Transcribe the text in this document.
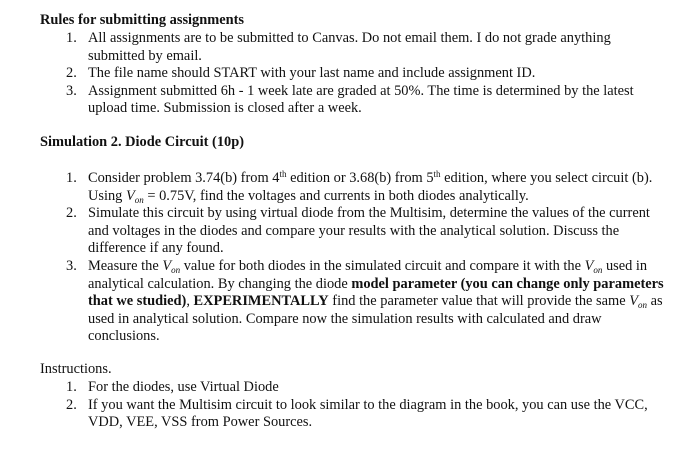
Rules for submitting assignments
1. All assignments are to be submitted to Canvas. Do not email them. I do not grade anything submitted by email.
2. The file name should START with your last name and include assignment ID.
3. Assignment submitted 6h - 1 week late are graded at 50%. The time is determined by the latest upload time. Submission is closed after a week.
Simulation 2. Diode Circuit (10p)
1. Consider problem 3.74(b) from 4th edition or 3.68(b) from 5th edition, where you select circuit (b). Using $V_{on} = 0.75V$, find the voltages and currents in both diodes analytically.
2. Simulate this circuit by using virtual diode from the Multisim, determine the values of the current and voltages in the diodes and compare your results with the analytical solution. Discuss the difference if any found.
3. Measure the $V_{on}$ value for both diodes in the simulated circuit and compare it with the $V_{on}$ used in analytical calculation. By changing the diode model parameter (you can change only parameters that we studied), EXPERIMENTALLY find the parameter value that will provide the same $V_{on}$ as used in analytical solution. Compare now the simulation results with calculated and draw conclusions.
Instructions.
1. For the diodes, use Virtual Diode
2. If you want the Multisim circuit to look similar to the diagram in the book, you can use the VCC, VDD, VEE, VSS from Power Sources.
